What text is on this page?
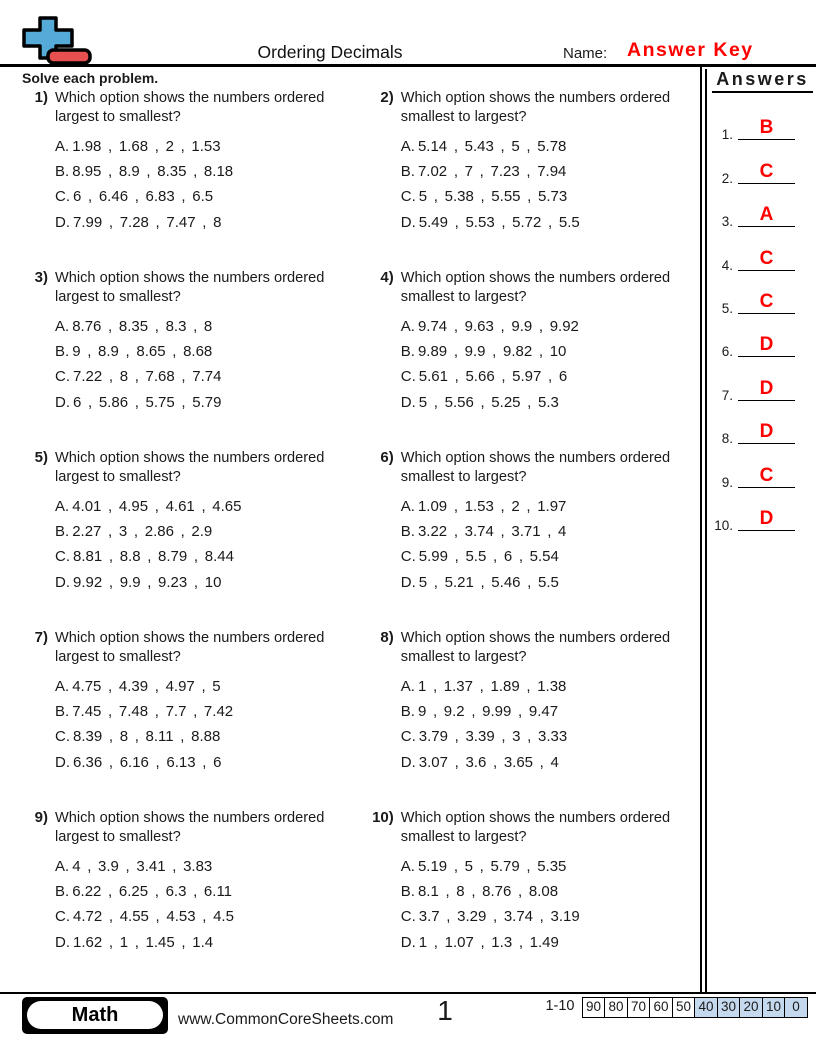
Ordering Decimals	Name: Answer Key
Solve each problem.
1) Which option shows the numbers ordered largest to smallest?
A. 1.98 , 1.68 , 2 , 1.53
B. 8.95 , 8.9 , 8.35 , 8.18
C. 6 , 6.46 , 6.83 , 6.5
D. 7.99 , 7.28 , 7.47 , 8
2) Which option shows the numbers ordered smallest to largest?
A. 5.14 , 5.43 , 5 , 5.78
B. 7.02 , 7 , 7.23 , 7.94
C. 5 , 5.38 , 5.55 , 5.73
D. 5.49 , 5.53 , 5.72 , 5.5
3) Which option shows the numbers ordered largest to smallest?
A. 8.76 , 8.35 , 8.3 , 8
B. 9 , 8.9 , 8.65 , 8.68
C. 7.22 , 8 , 7.68 , 7.74
D. 6 , 5.86 , 5.75 , 5.79
4) Which option shows the numbers ordered smallest to largest?
A. 9.74 , 9.63 , 9.9 , 9.92
B. 9.89 , 9.9 , 9.82 , 10
C. 5.61 , 5.66 , 5.97 , 6
D. 5 , 5.56 , 5.25 , 5.3
5) Which option shows the numbers ordered largest to smallest?
A. 4.01 , 4.95 , 4.61 , 4.65
B. 2.27 , 3 , 2.86 , 2.9
C. 8.81 , 8.8 , 8.79 , 8.44
D. 9.92 , 9.9 , 9.23 , 10
6) Which option shows the numbers ordered smallest to largest?
A. 1.09 , 1.53 , 2 , 1.97
B. 3.22 , 3.74 , 3.71 , 4
C. 5.99 , 5.5 , 6 , 5.54
D. 5 , 5.21 , 5.46 , 5.5
7) Which option shows the numbers ordered largest to smallest?
A. 4.75 , 4.39 , 4.97 , 5
B. 7.45 , 7.48 , 7.7 , 7.42
C. 8.39 , 8 , 8.11 , 8.88
D. 6.36 , 6.16 , 6.13 , 6
8) Which option shows the numbers ordered smallest to largest?
A. 1 , 1.37 , 1.89 , 1.38
B. 9 , 9.2 , 9.99 , 9.47
C. 3.79 , 3.39 , 3 , 3.33
D. 3.07 , 3.6 , 3.65 , 4
9) Which option shows the numbers ordered largest to smallest?
A. 4 , 3.9 , 3.41 , 3.83
B. 6.22 , 6.25 , 6.3 , 6.11
C. 4.72 , 4.55 , 4.53 , 4.5
D. 1.62 , 1 , 1.45 , 1.4
10) Which option shows the numbers ordered smallest to largest?
A. 5.19 , 5 , 5.79 , 5.35
B. 8.1 , 8 , 8.76 , 8.08
C. 3.7 , 3.29 , 3.74 , 3.19
D. 1 , 1.07 , 1.3 , 1.49
Answers
1.	B
2.	C
3.	A
4.	C
5.	C
6.	D
7.	D
8.	D
9.	C
10.	D
Math	www.CommonCoreSheets.com	1	1-10 90 80 70 60 50 40 30 20 10 0
